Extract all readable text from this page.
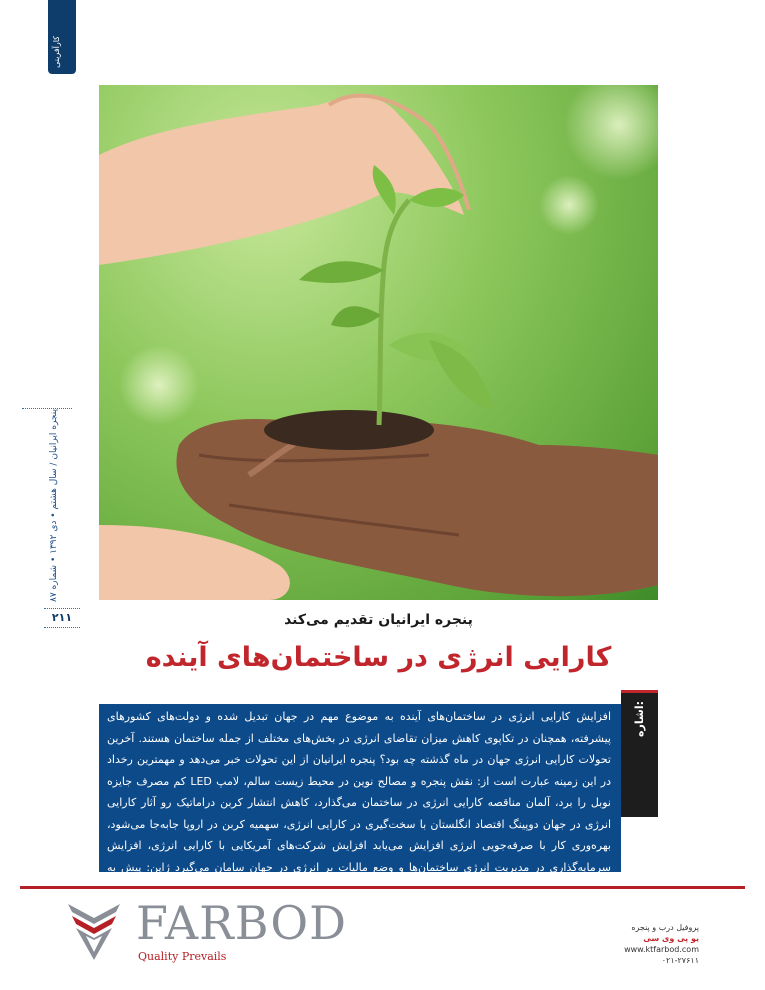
کارآفرینی
پنجره ایرانیان / سال هشتم • دی ۱۳۹۲ • شماره ۸۷
۲۱۱	پنجره ایرانیان تقدیم می‌کند
کارایی انرژی در ساختمان‌های آینده
اشاره:
افزایش کارایی انرژی در ساختمان‌های آینده به موضوع مهم در جهان تبدیل شده و دولت‌های کشورهای پیشرفته، همچنان در تکاپوی کاهش میزان تقاضای انرژی در بخش‌های مختلف از جمله ساختمان هستند. آخرین تحولات کارایی انرژی جهان در ماه گذشته چه بود؟ پنجره ایرانیان از این تحولات خبر می‌دهد و مهمترین رخداد در این زمینه عبارت است از: نقش پنجره و مصالح نوین در محیط زیست سالم، لامپ LED کم مصرف جایزه نوبل را برد، آلمان مناقصه کارایی انرژی در ساختمان می‌گذارد، کاهش انتشار کربن دراماتیک رو آثار کارایی انرژی در جهان دوپینگ اقتصاد انگلستان با سخت‌گیری در کارایی انرژی، سهمیه کربن در اروپا جابه‌جا می‌شود، بهره‌وری کار با صرفه‌جویی انرژی افزایش می‌یابد افزایش شرکت‌های آمریکایی با کارایی انرژی، افزایش سرمایه‌گذاری در مدیریت انرژی ساختمان‌ها و وضع مالیات بر انرژی در جهان سامان می‌گیرد ژاپن: پیش به
FARBOD
Quality Prevails
پروفیل درب و پنجره
یو پی وی سی
www.ktfarbod.com
۰۲۱-۲۷۶۱۱
